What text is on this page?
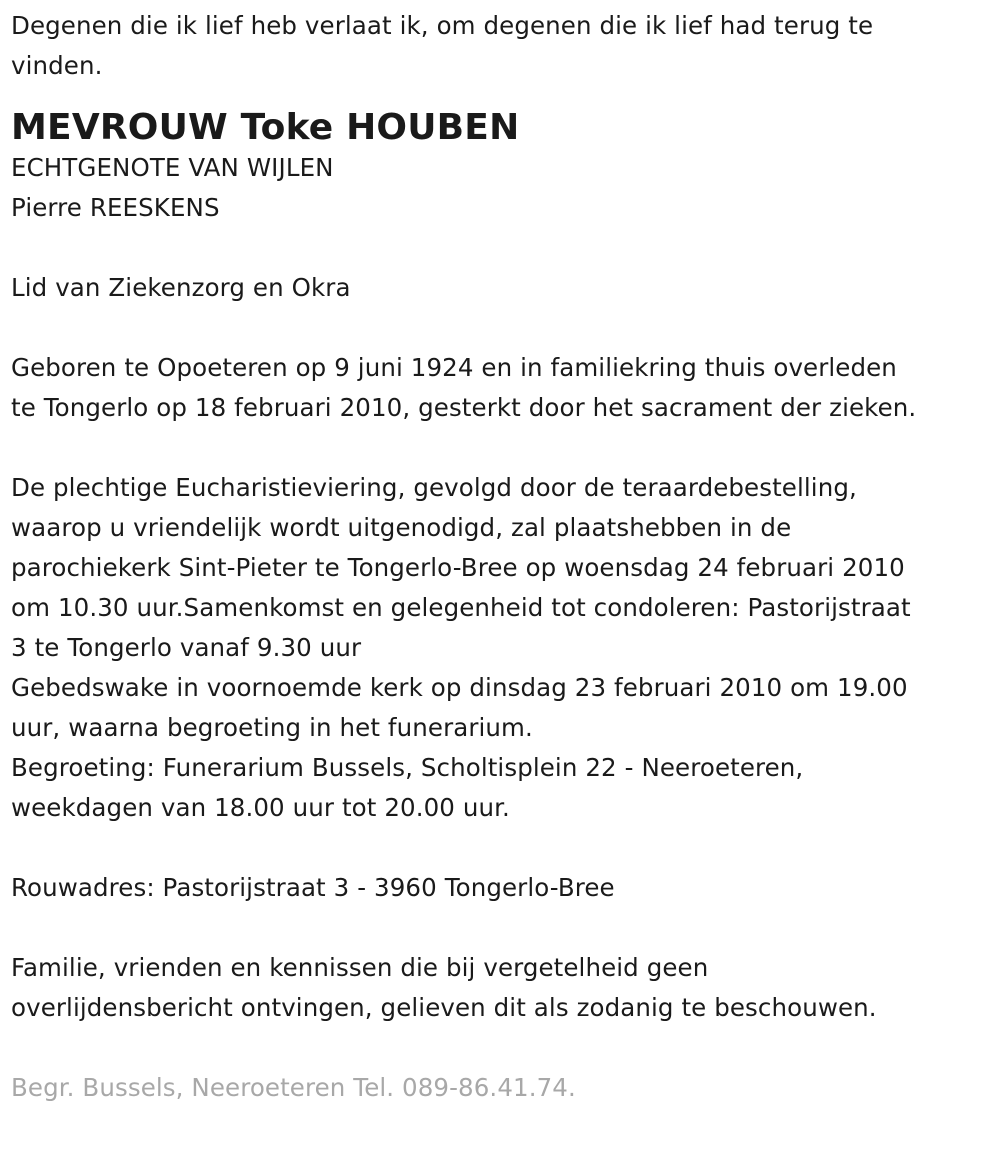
Degenen die ik lief heb verlaat ik, om degenen die ik lief had terug te
vinden.
MEVROUW Toke HOUBEN
ECHTGENOTE VAN WIJLEN
Pierre REESKENS
Lid van Ziekenzorg en Okra
Geboren te Opoeteren op 9 juni 1924 en in familiekring thuis overleden
te Tongerlo op 18 februari 2010, gesterkt door het sacrament der zieken.
De plechtige Eucharistieviering, gevolgd door de teraardebestelling,
waarop u vriendelijk wordt uitgenodigd, zal plaatshebben in de
parochiekerk Sint-Pieter te Tongerlo-Bree op woensdag 24 februari 2010
om 10.30 uur.Samenkomst en gelegenheid tot condoleren: Pastorijstraat
3 te Tongerlo vanaf 9.30 uur
Gebedswake in voornoemde kerk op dinsdag 23 februari 2010 om 19.00
uur, waarna begroeting in het funerarium.
Begroeting: Funerarium Bussels, Scholtisplein 22 - Neeroeteren,
weekdagen van 18.00 uur tot 20.00 uur.
Rouwadres: Pastorijstraat 3 - 3960 Tongerlo-Bree
Familie, vrienden en kennissen die bij vergetelheid geen
overlijdensbericht ontvingen, gelieven dit als zodanig te beschouwen.
Begr. Bussels, Neeroeteren Tel. 089-86.41.74.
